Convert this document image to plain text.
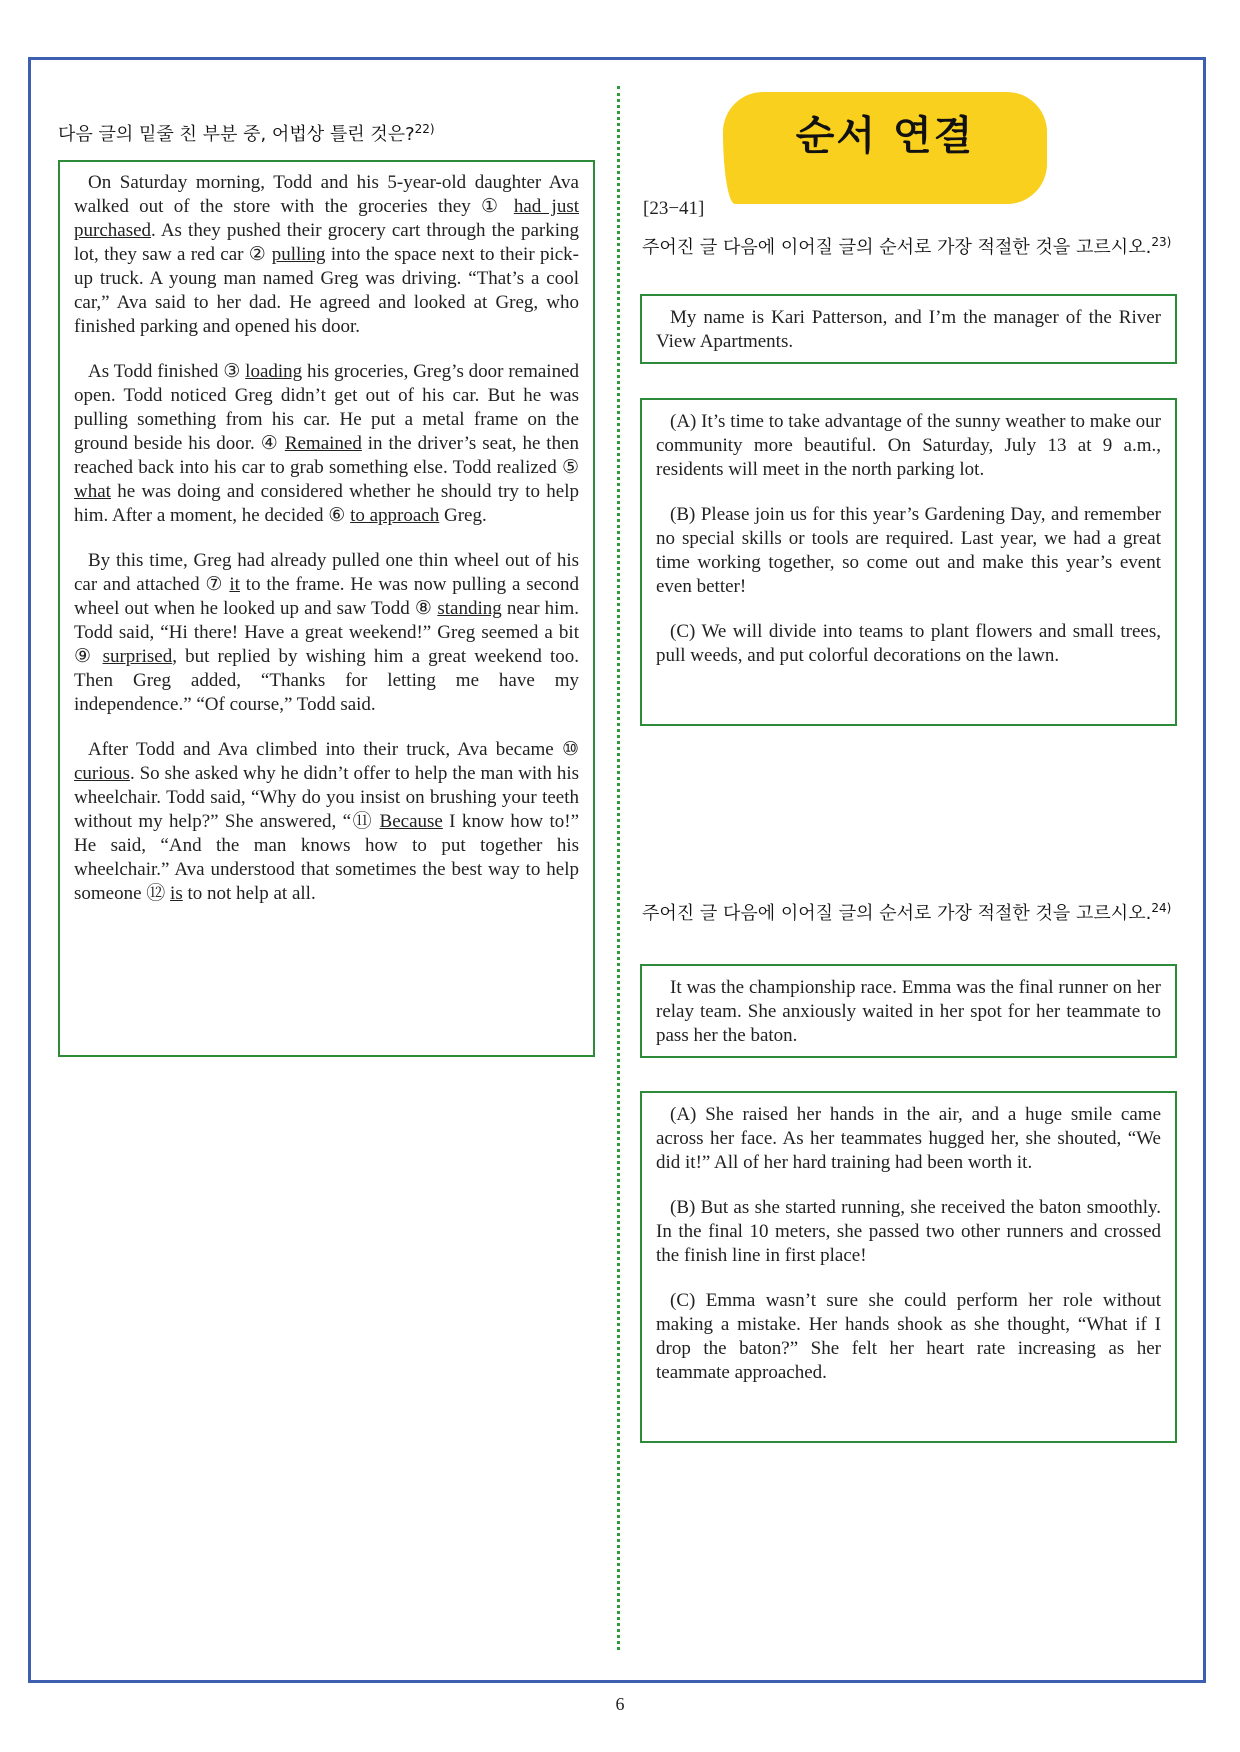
다음 글의 밑줄 친 부분 중, 어법상 틀린 것은?$^{22)}$

On Saturday morning, Todd and his 5-year-old daughter Ava walked out of the store with the groceries they ① had just purchased. As they pushed their grocery cart through the parking lot, they saw a red car ② pulling into the space next to their pick-up truck. A young man named Greg was driving. “That’s a cool car,” Ava said to her dad. He agreed and looked at Greg, who finished parking and opened his door.

As Todd finished ③ loading his groceries, Greg’s door remained open. Todd noticed Greg didn’t get out of his car. But he was pulling something from his car. He put a metal frame on the ground beside his door. ④ Remained in the driver’s seat, he then reached back into his car to grab something else. Todd realized ⑤ what he was doing and considered whether he should try to help him. After a moment, he decided ⑥ to approach Greg.

By this time, Greg had already pulled one thin wheel out of his car and attached ⑦ it to the frame. He was now pulling a second wheel out when he looked up and saw Todd ⑧ standing near him. Todd said, “Hi there! Have a great weekend!” Greg seemed a bit ⑨ surprised, but replied by wishing him a great weekend too. Then Greg added, “Thanks for letting me have my independence.” “Of course,” Todd said.

After Todd and Ava climbed into their truck, Ava became ⑩ curious. So she asked why he didn’t offer to help the man with his wheelchair. Todd said, “Why do you insist on brushing your teeth without my help?” She answered, “⑪ Because I know how to!” He said, “And the man knows how to put together his wheelchair.” Ava understood that sometimes the best way to help someone ⑫ is to not help at all.

순서 연결
[23−41]
주어진 글 다음에 이어질 글의 순서로 가장 적절한 것을 고르시오.$^{23)}$

My name is Kari Patterson, and I’m the manager of the River View Apartments.

(A) It’s time to take advantage of the sunny weather to make our community more beautiful. On Saturday, July 13 at 9 a.m., residents will meet in the north parking lot.

(B) Please join us for this year’s Gardening Day, and remember no special skills or tools are required. Last year, we had a great time working together, so come out and make this year’s event even better!

(C) We will divide into teams to plant flowers and small trees, pull weeds, and put colorful decorations on the lawn.

주어진 글 다음에 이어질 글의 순서로 가장 적절한 것을 고르시오.$^{24)}$

It was the championship race. Emma was the final runner on her relay team. She anxiously waited in her spot for her teammate to pass her the baton.

(A) She raised her hands in the air, and a huge smile came across her face. As her teammates hugged her, she shouted, “We did it!” All of her hard training had been worth it.

(B) But as she started running, she received the baton smoothly. In the final 10 meters, she passed two other runners and crossed the finish line in first place!

(C) Emma wasn’t sure she could perform her role without making a mistake. Her hands shook as she thought, “What if I drop the baton?” She felt her heart rate increasing as her teammate approached.

6
